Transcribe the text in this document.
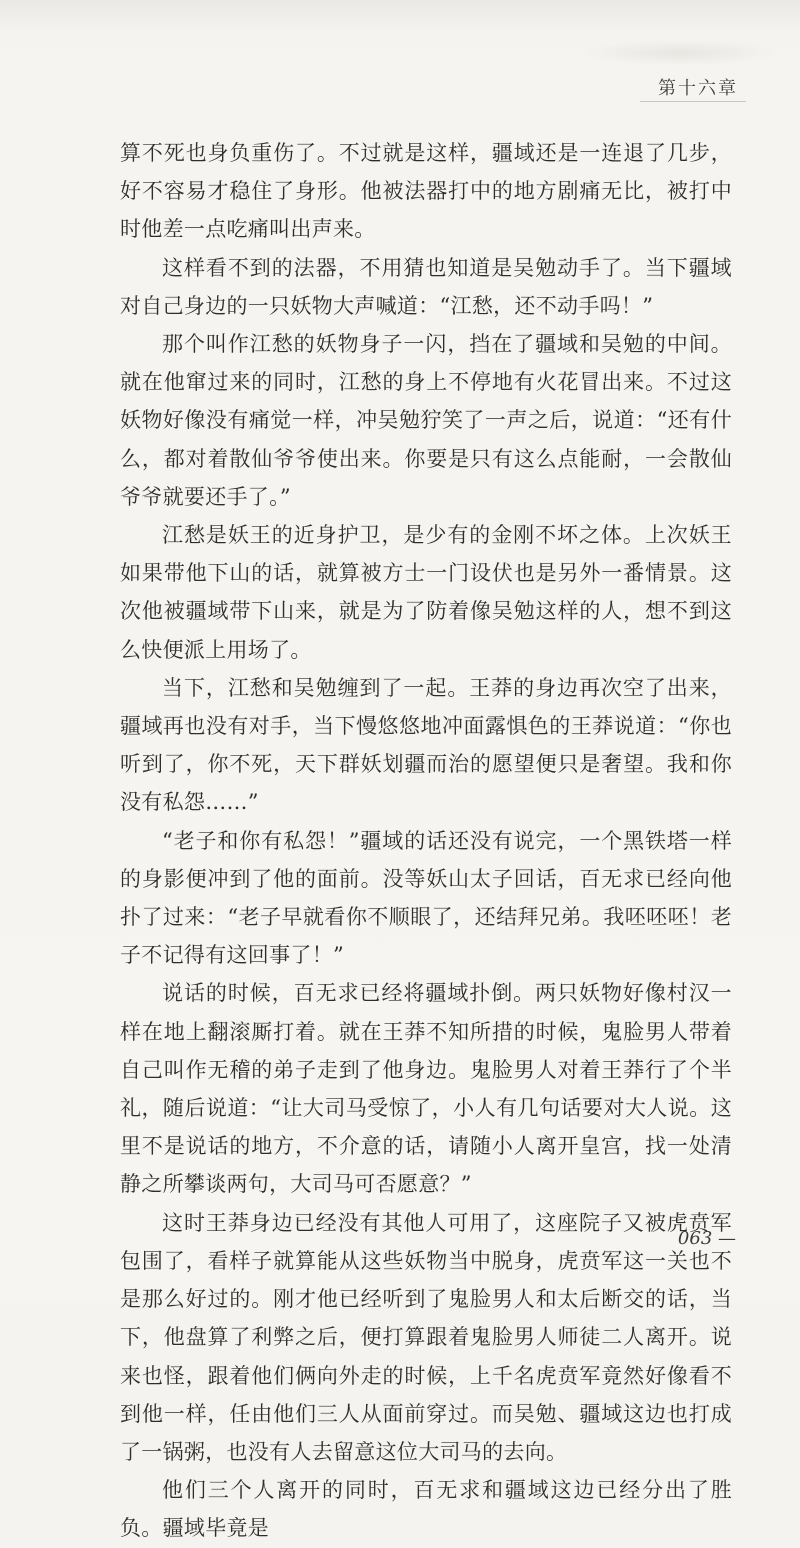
第十六章

算不死也身负重伤了。不过就是这样，疆域还是一连退了几步，好不容易才稳住了身形。他被法器打中的地方剧痛无比，被打中时他差一点吃痛叫出声来。

这样看不到的法器，不用猜也知道是吴勉动手了。当下疆域对自己身边的一只妖物大声喊道：“江愁，还不动手吗！”

那个叫作江愁的妖物身子一闪，挡在了疆域和吴勉的中间。就在他窜过来的同时，江愁的身上不停地有火花冒出来。不过这妖物好像没有痛觉一样，冲吴勉狞笑了一声之后，说道：“还有什么，都对着散仙爷爷使出来。你要是只有这么点能耐，一会散仙爷爷就要还手了。”

江愁是妖王的近身护卫，是少有的金刚不坏之体。上次妖王如果带他下山的话，就算被方士一门设伏也是另外一番情景。这次他被疆域带下山来，就是为了防着像吴勉这样的人，想不到这么快便派上用场了。

当下，江愁和吴勉缠到了一起。王莽的身边再次空了出来，疆域再也没有对手，当下慢悠悠地冲面露惧色的王莽说道：“你也听到了，你不死，天下群妖划疆而治的愿望便只是奢望。我和你没有私怨……”

“老子和你有私怨！”疆域的话还没有说完，一个黑铁塔一样的身影便冲到了他的面前。没等妖山太子回话，百无求已经向他扑了过来：“老子早就看你不顺眼了，还结拜兄弟。我呸呸呸！老子不记得有这回事了！”

说话的时候，百无求已经将疆域扑倒。两只妖物好像村汉一样在地上翻滚厮打着。就在王莽不知所措的时候，鬼脸男人带着自己叫作无稽的弟子走到了他身边。鬼脸男人对着王莽行了个半礼，随后说道：“让大司马受惊了，小人有几句话要对大人说。这里不是说话的地方，不介意的话，请随小人离开皇宫，找一处清静之所攀谈两句，大司马可否愿意？”

这时王莽身边已经没有其他人可用了，这座院子又被虎贲军包围了，看样子就算能从这些妖物当中脱身，虎贲军这一关也不是那么好过的。刚才他已经听到了鬼脸男人和太后断交的话，当下，他盘算了利弊之后，便打算跟着鬼脸男人师徒二人离开。说来也怪，跟着他们俩向外走的时候，上千名虎贲军竟然好像看不到他一样，任由他们三人从面前穿过。而吴勉、疆域这边也打成了一锅粥，也没有人去留意这位大司马的去向。

他们三个人离开的同时，百无求和疆域这边已经分出了胜负。疆域毕竟是

063 —
